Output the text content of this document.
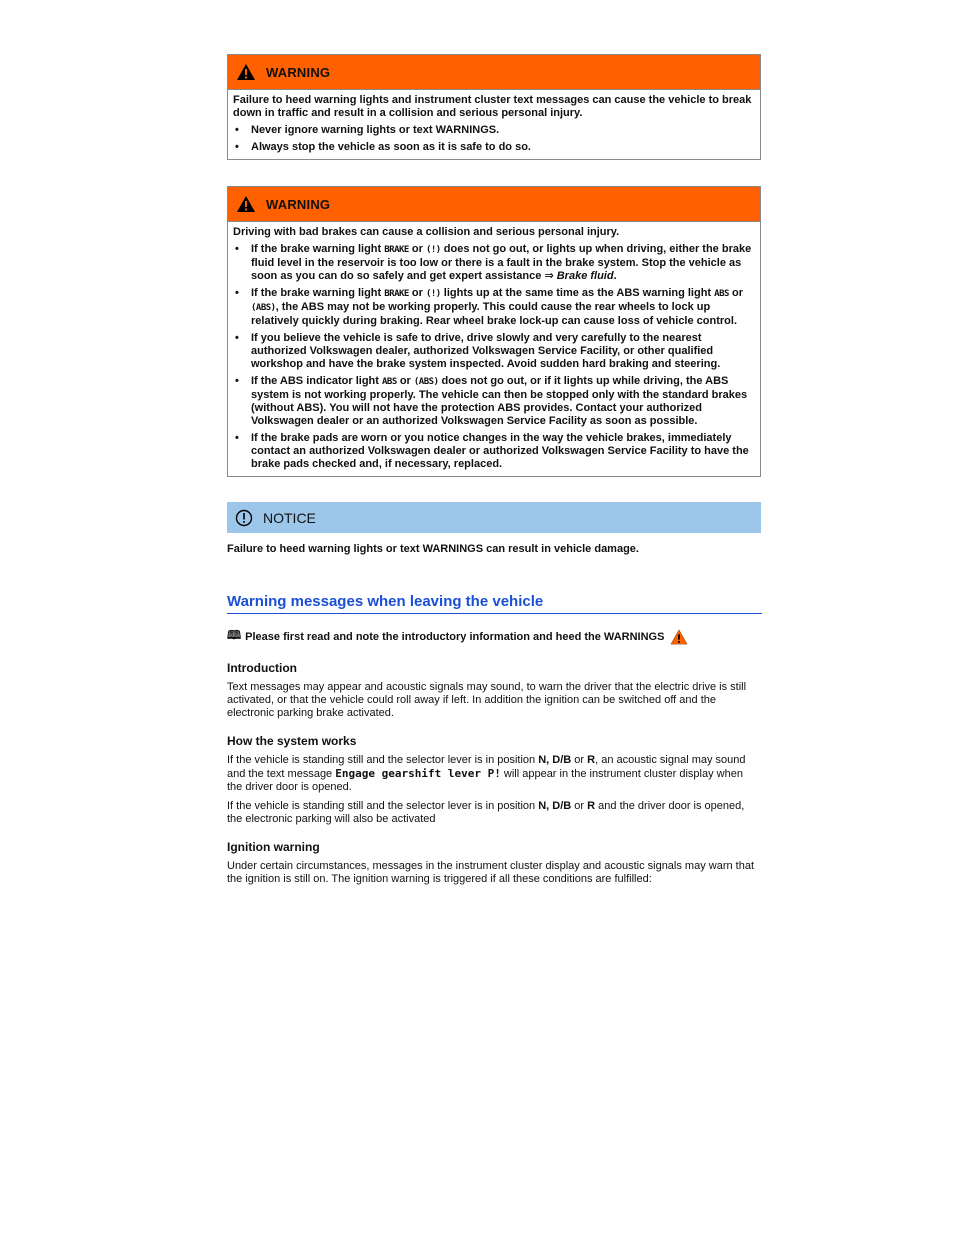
WARNING

Failure to heed warning lights and instrument cluster text messages can cause the vehicle to break down in traffic and result in a collision and serious personal injury.

•	Never ignore warning lights or text WARNINGS.
•	Always stop the vehicle as soon as it is safe to do so.
WARNING

Driving with bad brakes can cause a collision and serious personal injury.

•	If the brake warning light BRAKE or (!) does not go out, or lights up when driving, either the brake fluid level in the reservoir is too low or there is a fault in the brake system. Stop the vehicle as soon as you can do so safely and get expert assistance ⇒ Brake fluid.
•	If the brake warning light BRAKE or (!) lights up at the same time as the ABS warning light ABS or (ABS), the ABS may not be working properly. This could cause the rear wheels to lock up relatively quickly during braking. Rear wheel brake lock-up can cause loss of vehicle control.
•	If you believe the vehicle is safe to drive, drive slowly and very carefully to the nearest authorized Volkswagen dealer, authorized Volkswagen Service Facility, or other qualified workshop and have the brake system inspected. Avoid sudden hard braking and steering.
•	If the ABS indicator light ABS or (ABS) does not go out, or if it lights up while driving, the ABS system is not working properly. The vehicle can then be stopped only with the standard brakes (without ABS). You will not have the protection ABS provides. Contact your authorized Volkswagen dealer or an authorized Volkswagen Service Facility as soon as possible.
•	If the brake pads are worn or you notice changes in the way the vehicle brakes, immediately contact an authorized Volkswagen dealer or authorized Volkswagen Service Facility to have the brake pads checked and, if necessary, replaced.
NOTICE

Failure to heed warning lights or text WARNINGS can result in vehicle damage.

Warning messages when leaving the vehicle
🕮 Please first read and note the introductory information and heed the WARNINGS
Introduction

Text messages may appear and acoustic signals may sound, to warn the driver that the electric drive is still activated, or that the vehicle could roll away if left. In addition the ignition can be switched off and the electronic parking brake activated.

How the system works

If the vehicle is standing still and the selector lever is in position N, D/B or R, an acoustic signal may sound and the text message Engage gearshift lever P! will appear in the instrument cluster display when the driver door is opened.

If the vehicle is standing still and the selector lever is in position N, D/B or R and the driver door is opened, the electronic parking will also be activated

Ignition warning

Under certain circumstances, messages in the instrument cluster display and acoustic signals may warn that the ignition is still on. The ignition warning is triggered if all these conditions are fulfilled:
